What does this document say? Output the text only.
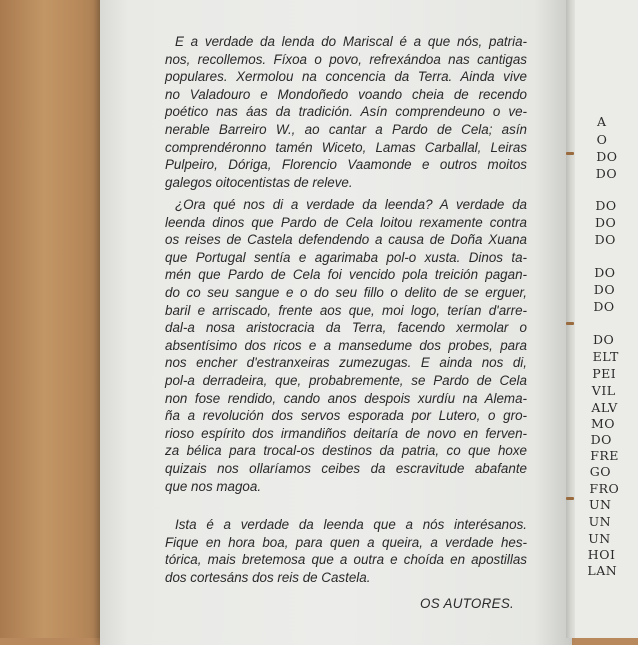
E a verdade da lenda do Mariscal é a que nós, patria-
nos, recollemos. Fíxoa o povo, refrexándoa nas cantigas
populares. Xermolou na concencia da Terra. Ainda vive
no Valadouro e Mondoñedo voando cheia de recendo
poético nas áas da tradición. Asín comprendeuno o ve-
nerable Barreiro W., ao cantar a Pardo de Cela; asín
comprendéronno tamén Wiceto, Lamas Carballal, Leiras
Pulpeiro, Dóriga, Florencio Vaamonde e outros moitos
galegos oitocentistas de releve.
¿Ora qué nos di a verdade da leenda? A verdade da
leenda dinos que Pardo de Cela loitou rexamente contra
os reises de Castela defendendo a causa de Doña Xuana
que Portugal sentía e agarimaba pol-o xusta. Dinos ta-
mén que Pardo de Cela foi vencido pola treición pagan-
do co seu sangue e o do seu fillo o delito de se erguer,
baril e arriscado, frente aos que, moi logo, terían d'arre-
dal-a nosa aristocracia da Terra, facendo xermolar o
absentísimo dos ricos e a mansedume dos probes, para
nos encher d'estranxeiras zumezugas. E ainda nos di,
pol-a derradeira, que, probabremente, se Pardo de Cela
non fose rendido, cando anos despois xurdíu na Alema-
ña a revolución dos servos esporada por Lutero, o gro-
rioso espírito dos irmandiños deitaría de novo en ferven-
za bélica para trocal-os destinos da patria, co que hoxe
quizais nos ollaríamos ceibes da escravitude abafante
que nos magoa.
Ista é a verdade da leenda que a nós interésanos.
Fique en hora boa, para quen a queira, a verdade hes-
tórica, mais bretemosa que a outra e choída en apostillas
dos cortesáns dos reis de Castela.
OS AUTORES.
A
O
DO
DO
DO
DO
DO
DO
DO
DO
DO
ELT
PEI
VIL
ALV
MO
DO
FRE
GO
FRO
UN
UN
UN
HOI
LAN
